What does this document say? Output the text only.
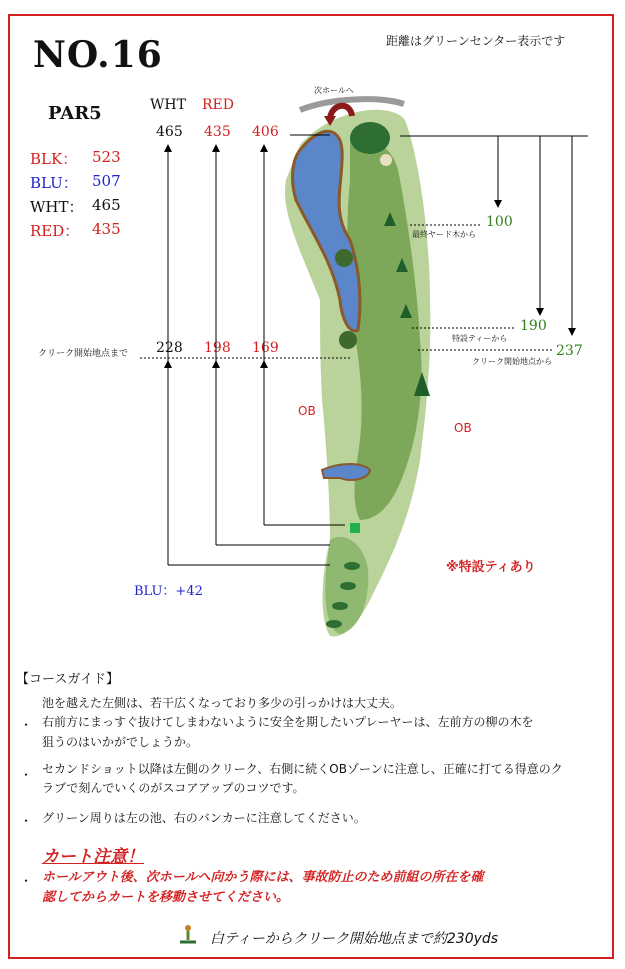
NO.16	距離はグリーンセンター表示です
PAR5	WHT RED
BLK： 523
BLU： 507
WHT： 465
RED： 435
465 435 406
クリーク開始地点まで 228 198 169
BLU：+42
次ホールへ
100
最終ヤード木から
190
特設ティーから
237
クリーク開始地点から
OB
OB
※特設ティあり
【コースガイド】
池を越えた左側は、若干広くなっており多少の引っかけは大丈夫。
・ 右前方にまっすぐ抜けてしまわないように安全を期したいプレーヤーは、左前方の柳の木を
狙うのはいかがでしょうか。
・ セカンドショット以降は左側のクリーク、右側に続くOBゾーンに注意し、正確に打てる得意のク
ラブで刻んでいくのがスコアアップのコツです。
・ グリーン周りは左の池、右のバンカーに注意してください。
カート注意！
・ ホールアウト後、次ホールへ向かう際には、事故防止のため前組の所在を確
認してからカートを移動させてください。
白ティーからクリーク開始地点まで約230yds
